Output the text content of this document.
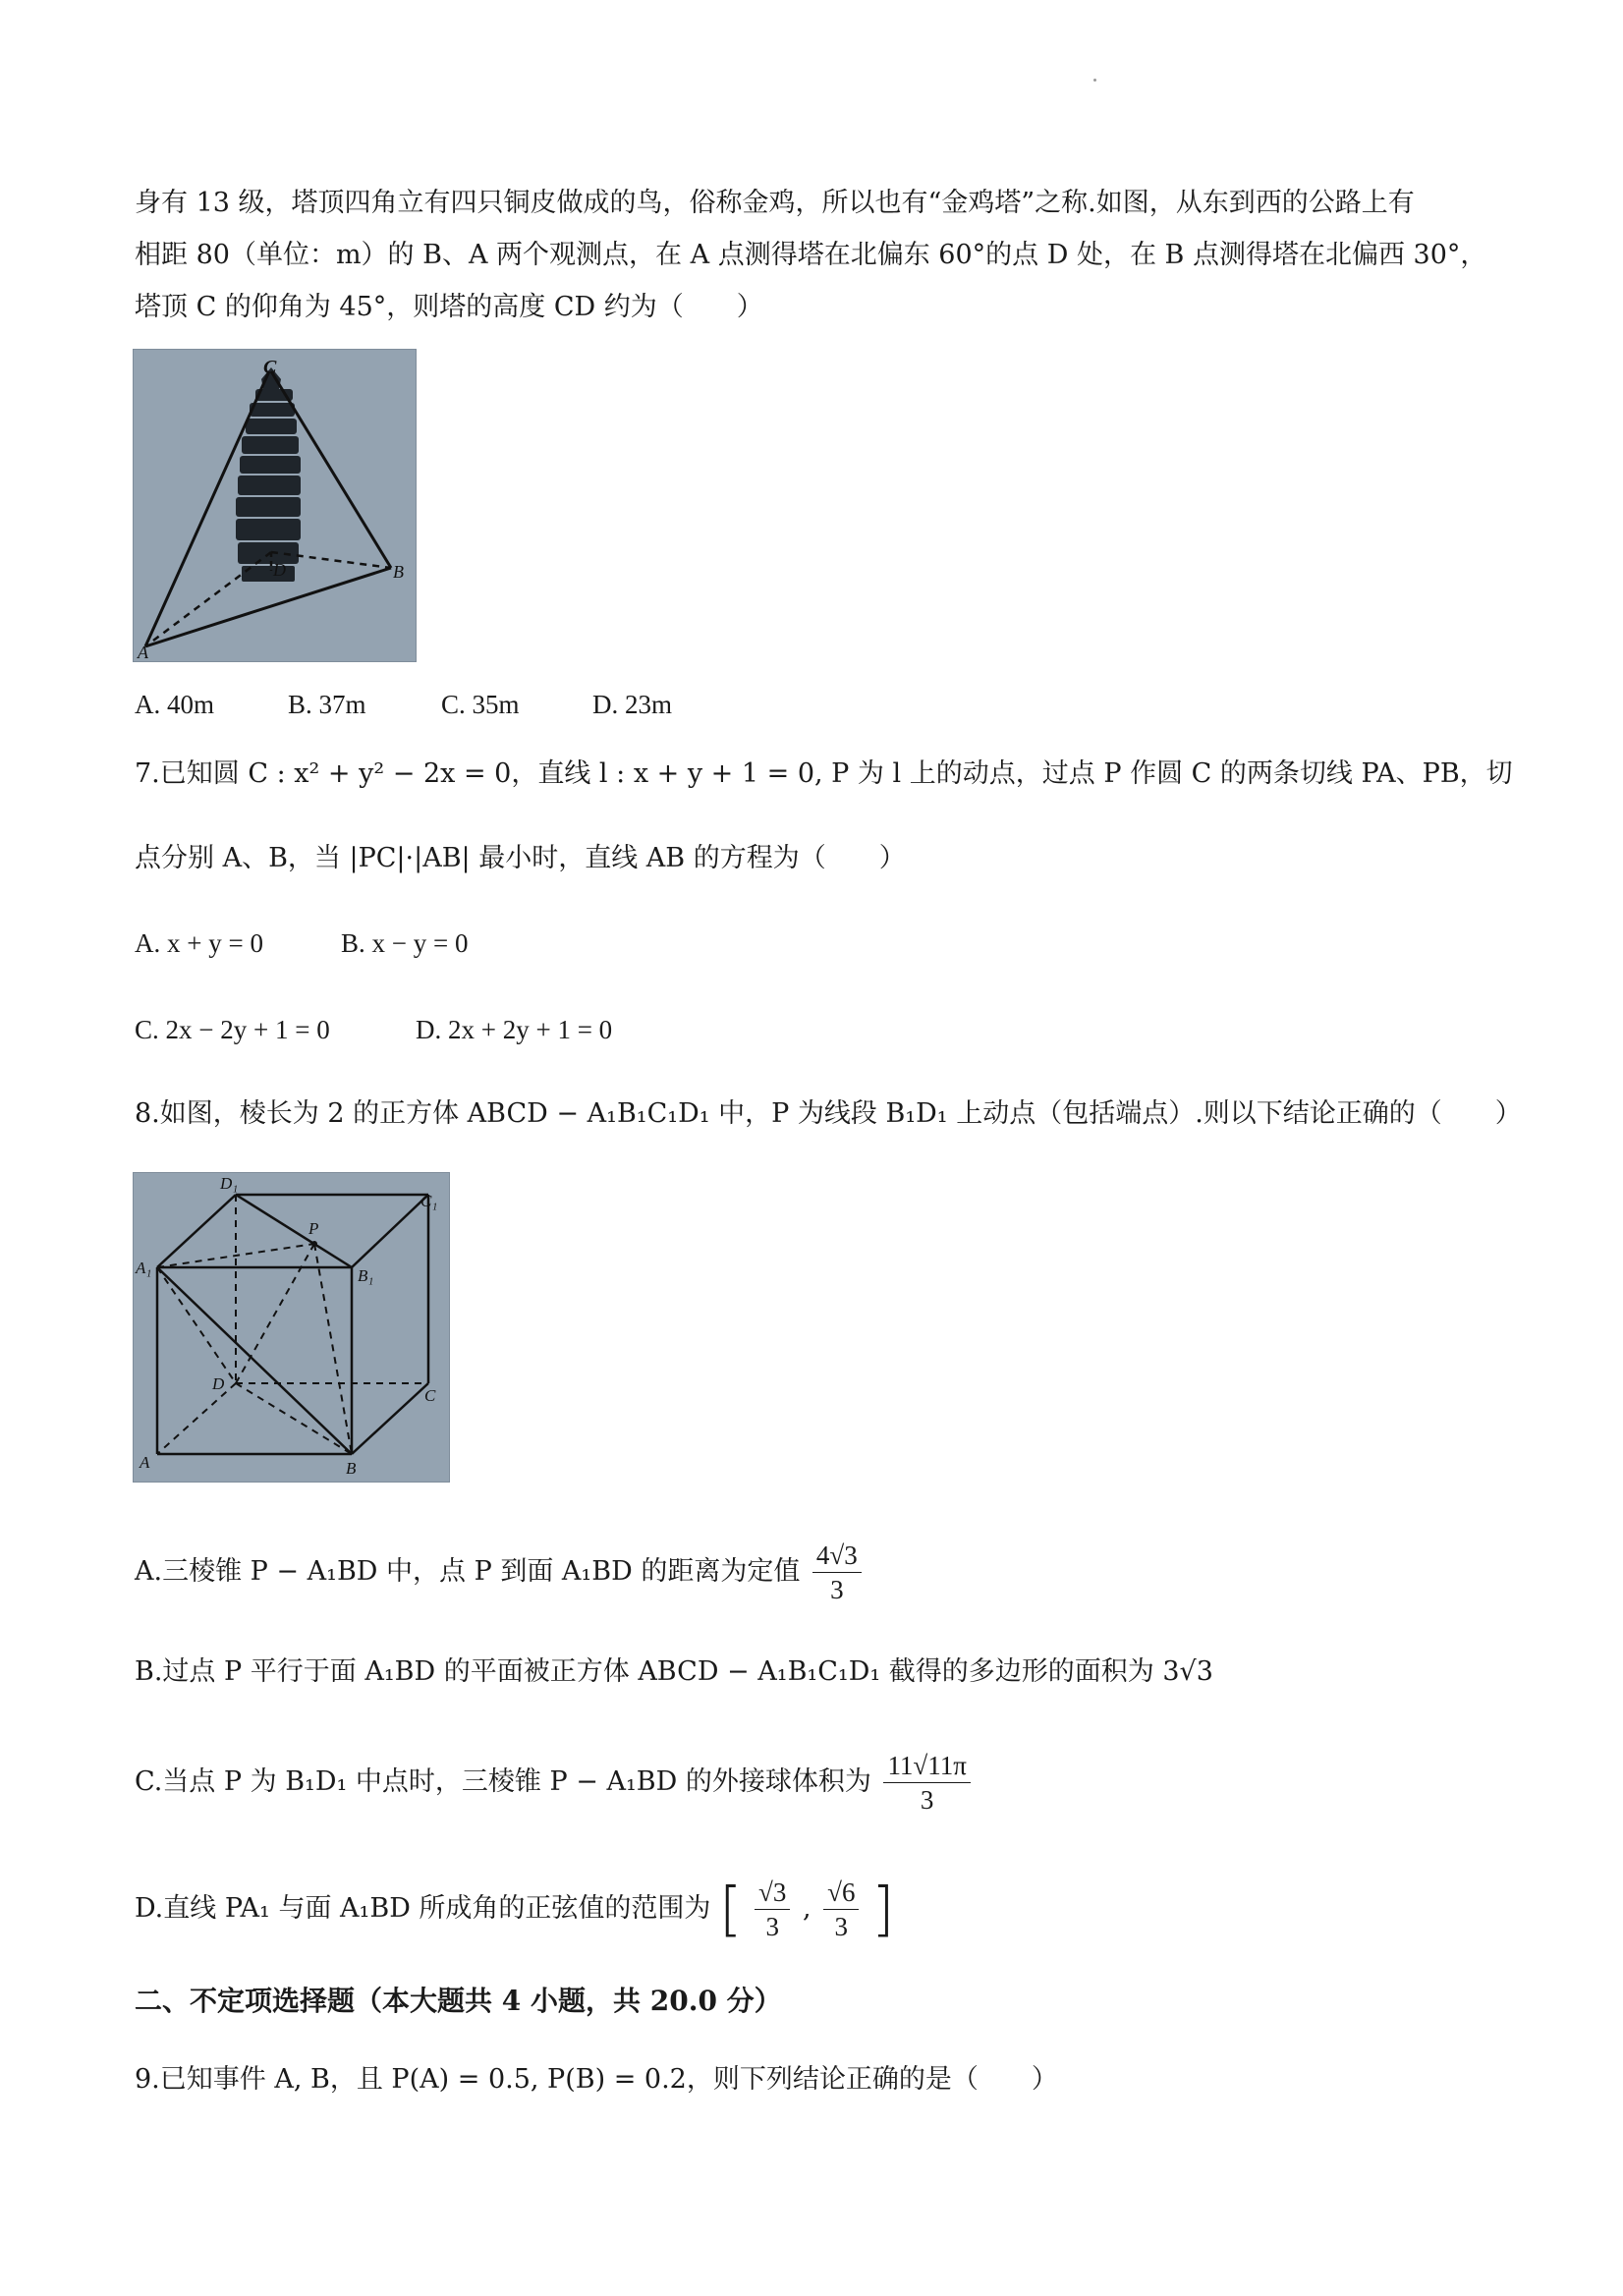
身有 13 级，塔顶四角立有四只铜皮做成的鸟，俗称金鸡，所以也有“金鸡塔”之称.如图，从东到西的公路上有
相距 80（单位：m）的 B、A 两个观测点，在 A 点测得塔在北偏东 60°的点 D 处，在 B 点测得塔在北偏西 30°，
塔顶 C 的仰角为 45°，则塔的高度 CD 约为（　　）
C
D	B
A
A. 40m	B. 37m	C. 35m	D. 23m
7.已知圆 C : x² + y² − 2x = 0，直线 l : x + y + 1 = 0, P 为 l 上的动点，过点 P 作圆 C 的两条切线 PA、PB，切
点分别 A、B，当 |PC|·|AB| 最小时，直线 AB 的方程为（　　）
A. x + y = 0	B. x − y = 0
C. 2x − 2y + 1 = 0	D. 2x + 2y + 1 = 0
8.如图，棱长为 2 的正方体 ABCD − A₁B₁C₁D₁ 中，P 为线段 B₁D₁ 上动点（包括端点）.则以下结论正确的（　　）
D₁
C₁
A₁	B₁
P
D
C
A	B
A.三棱锥 P − A₁BD 中，点 P 到面 A₁BD 的距离为定值 $\frac{4√3}{3}$
B.过点 P 平行于面 A₁BD 的平面被正方体 ABCD − A₁B₁C₁D₁ 截得的多边形的面积为 3√3
C.当点 P 为 B₁D₁ 中点时，三棱锥 P − A₁BD 的外接球体积为 $\frac{11√11\pi}{3}$
D.直线 PA₁ 与面 A₁BD 所成角的正弦值的范围为 [ $\frac{√3}{3}$ , $\frac{√6}{3}$ ]
二、不定项选择题（本大题共 4 小题，共 20.0 分）
9.已知事件 A, B，且 P(A) = 0.5, P(B) = 0.2，则下列结论正确的是（　　）
